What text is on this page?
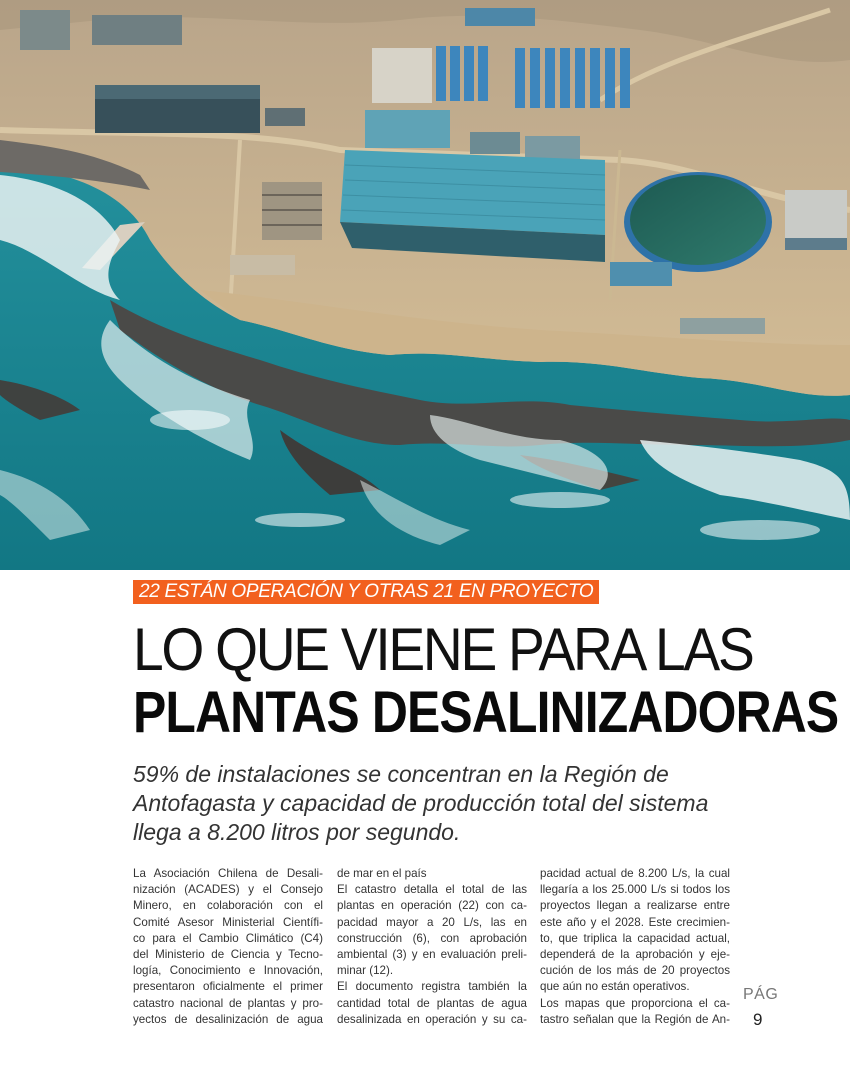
22 ESTÁN OPERACIÓN Y OTRAS 21 EN PROYECTO
LO QUE VIENE PARA LAS
PLANTAS DESALINIZADORAS
59% de instalaciones se concentran en la Región de
Antofagasta y capacidad de producción total del sistema
llega a 8.200 litros por segundo.
La Asociación Chilena de Desali-
nización (ACADES) y el Consejo
Minero, en colaboración con el
Comité Asesor Ministerial Científi-
co para el Cambio Climático (C4)
del Ministerio de Ciencia y Tecno-
logía, Conocimiento e Innovación,
presentaron oficialmente el primer
catastro nacional de plantas y pro-
yectos de desalinización de agua
de mar en el país
El catastro detalla el total de las
plantas en operación (22) con ca-
pacidad mayor a 20 L/s, las en
construcción (6), con aprobación
ambiental (3) y en evaluación preli-
minar (12).
El documento registra también la
cantidad total de plantas de agua
desalinizada en operación y su ca-
pacidad actual de 8.200 L/s, la cual
llegaría a los 25.000 L/s si todos los
proyectos llegan a realizarse entre
este año y el 2028. Este crecimien-
to, que triplica la capacidad actual,
dependerá de la aprobación y eje-
cución de los más de 20 proyectos
que aún no están operativos.
Los mapas que proporciona el ca-
tastro señalan que la Región de An-
PÁG
9
